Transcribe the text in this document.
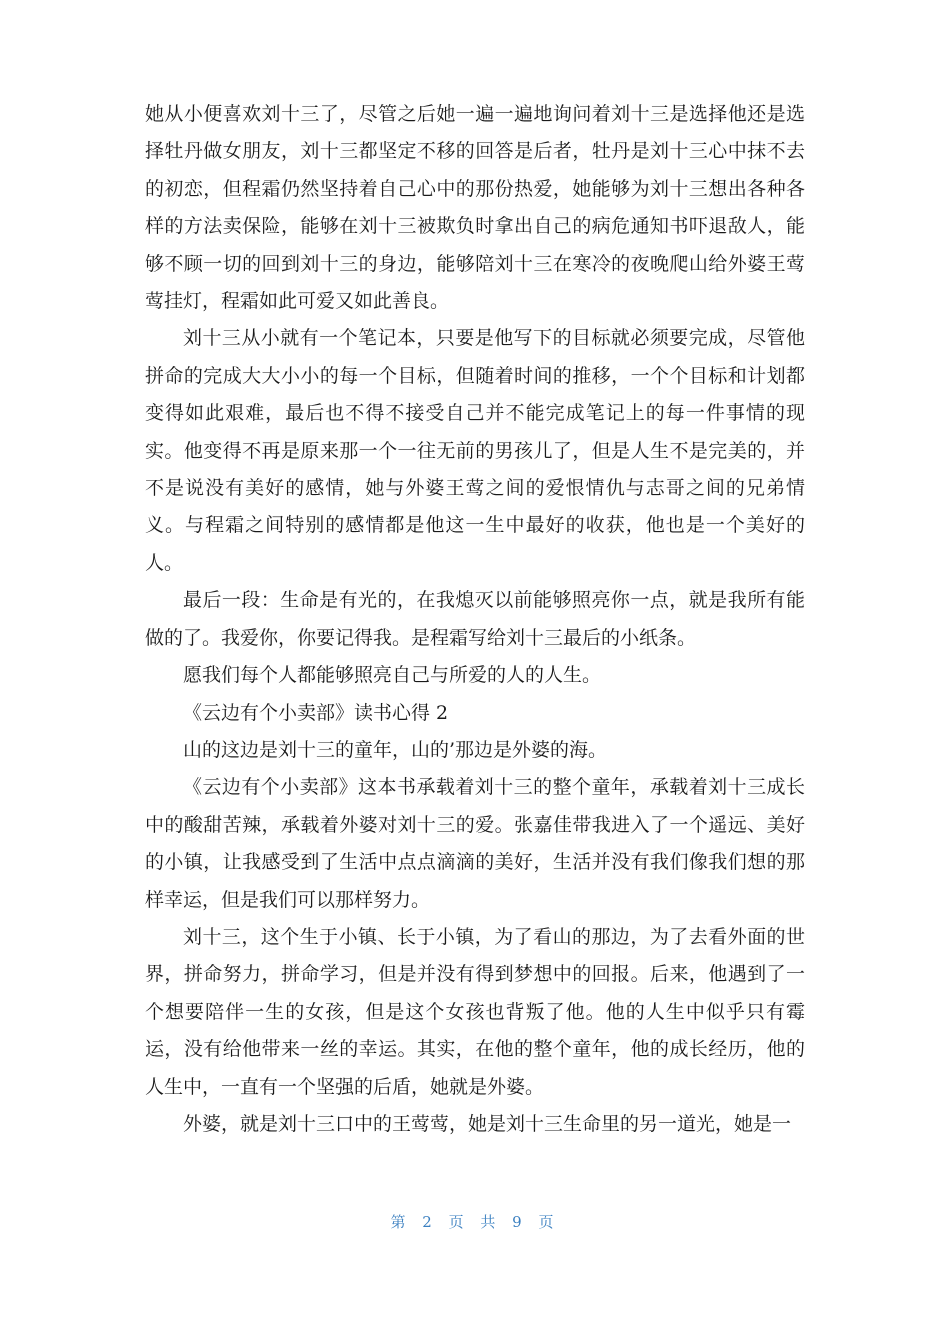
她从小便喜欢刘十三了，尽管之后她一遍一遍地询问着刘十三是选择他还是选择牡丹做女朋友，刘十三都坚定不移的回答是后者，牡丹是刘十三心中抹不去的初恋，但程霜仍然坚持着自己心中的那份热爱，她能够为刘十三想出各种各样的方法卖保险，能够在刘十三被欺负时拿出自己的病危通知书吓退敌人，能够不顾一切的回到刘十三的身边，能够陪刘十三在寒冷的夜晚爬山给外婆王莺莺挂灯，程霜如此可爱又如此善良。

刘十三从小就有一个笔记本，只要是他写下的目标就必须要完成，尽管他拼命的完成大大小小的每一个目标，但随着时间的推移，一个个目标和计划都变得如此艰难，最后也不得不接受自己并不能完成笔记上的每一件事情的现实。他变得不再是原来那一个一往无前的男孩儿了，但是人生不是完美的，并不是说没有美好的感情，她与外婆王莺之间的爱恨情仇与志哥之间的兄弟情义。与程霜之间特别的感情都是他这一生中最好的收获，他也是一个美好的人。

最后一段：生命是有光的，在我熄灭以前能够照亮你一点，就是我所有能做的了。我爱你，你要记得我。是程霜写给刘十三最后的小纸条。

愿我们每个人都能够照亮自己与所爱的人的人生。

《云边有个小卖部》读书心得 2

山的这边是刘十三的童年，山的’那边是外婆的海。

《云边有个小卖部》这本书承载着刘十三的整个童年，承载着刘十三成长中的酸甜苦辣，承载着外婆对刘十三的爱。张嘉佳带我进入了一个遥远、美好的小镇，让我感受到了生活中点点滴滴的美好，生活并没有我们像我们想的那样幸运，但是我们可以那样努力。

刘十三，这个生于小镇、长于小镇，为了看山的那边，为了去看外面的世界，拼命努力，拼命学习，但是并没有得到梦想中的回报。后来，他遇到了一个想要陪伴一生的女孩，但是这个女孩也背叛了他。他的人生中似乎只有霉运，没有给他带来一丝的幸运。其实，在他的整个童年，他的成长经历，他的人生中，一直有一个坚强的后盾，她就是外婆。

外婆，就是刘十三口中的王莺莺，她是刘十三生命里的另一道光，她是一

第 2 页 共 9 页
